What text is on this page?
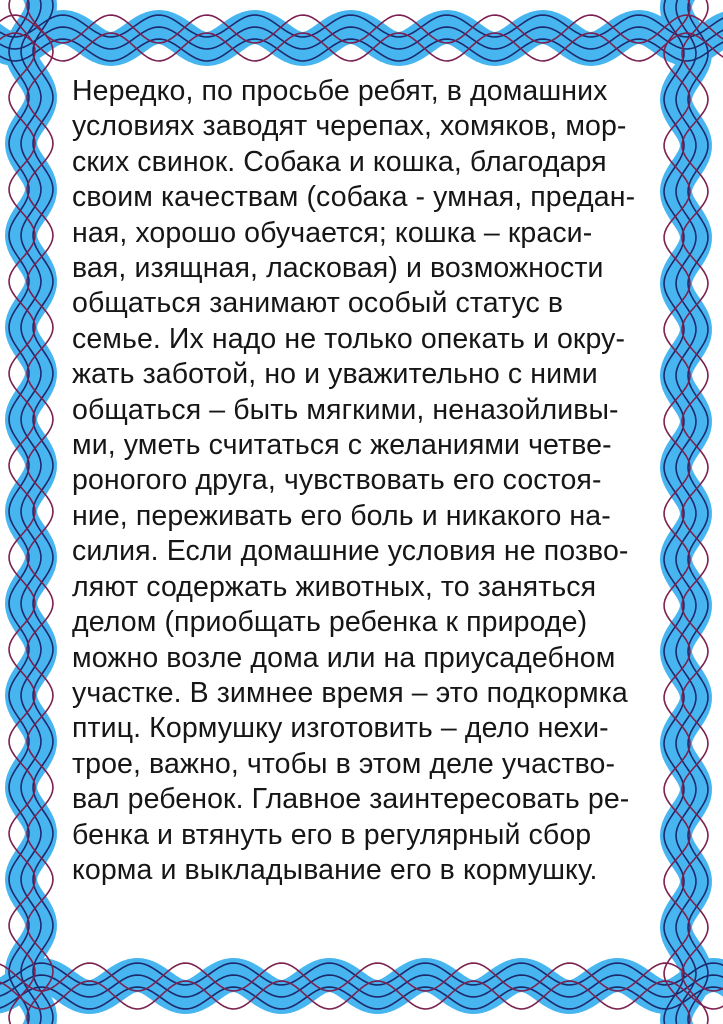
Нередко, по просьбе ребят, в домашних
условиях заводят черепах, хомяков, мор-
ских свинок. Собака и кошка, благодаря
своим качествам (собака - умная, предан-
ная, хорошо обучается; кошка – краси-
вая, изящная, ласковая) и возможности
общаться занимают особый статус в
семье. Их надо не только опекать и окру-
жать заботой, но и уважительно с ними
общаться – быть мягкими, неназойливы-
ми, уметь считаться с желаниями четве-
роногого друга, чувствовать его состоя-
ние, переживать его боль и никакого на-
силия. Если домашние условия не позво-
ляют содержать животных, то заняться
делом (приобщать ребенка к природе)
можно возле дома или на приусадебном
участке. В зимнее время – это подкормка
птиц. Кормушку изготовить – дело нехи-
трое, важно, чтобы в этом деле участво-
вал ребенок. Главное заинтересовать ре-
бенка и втянуть его в регулярный сбор
корма и выкладывание его в кормушку.
